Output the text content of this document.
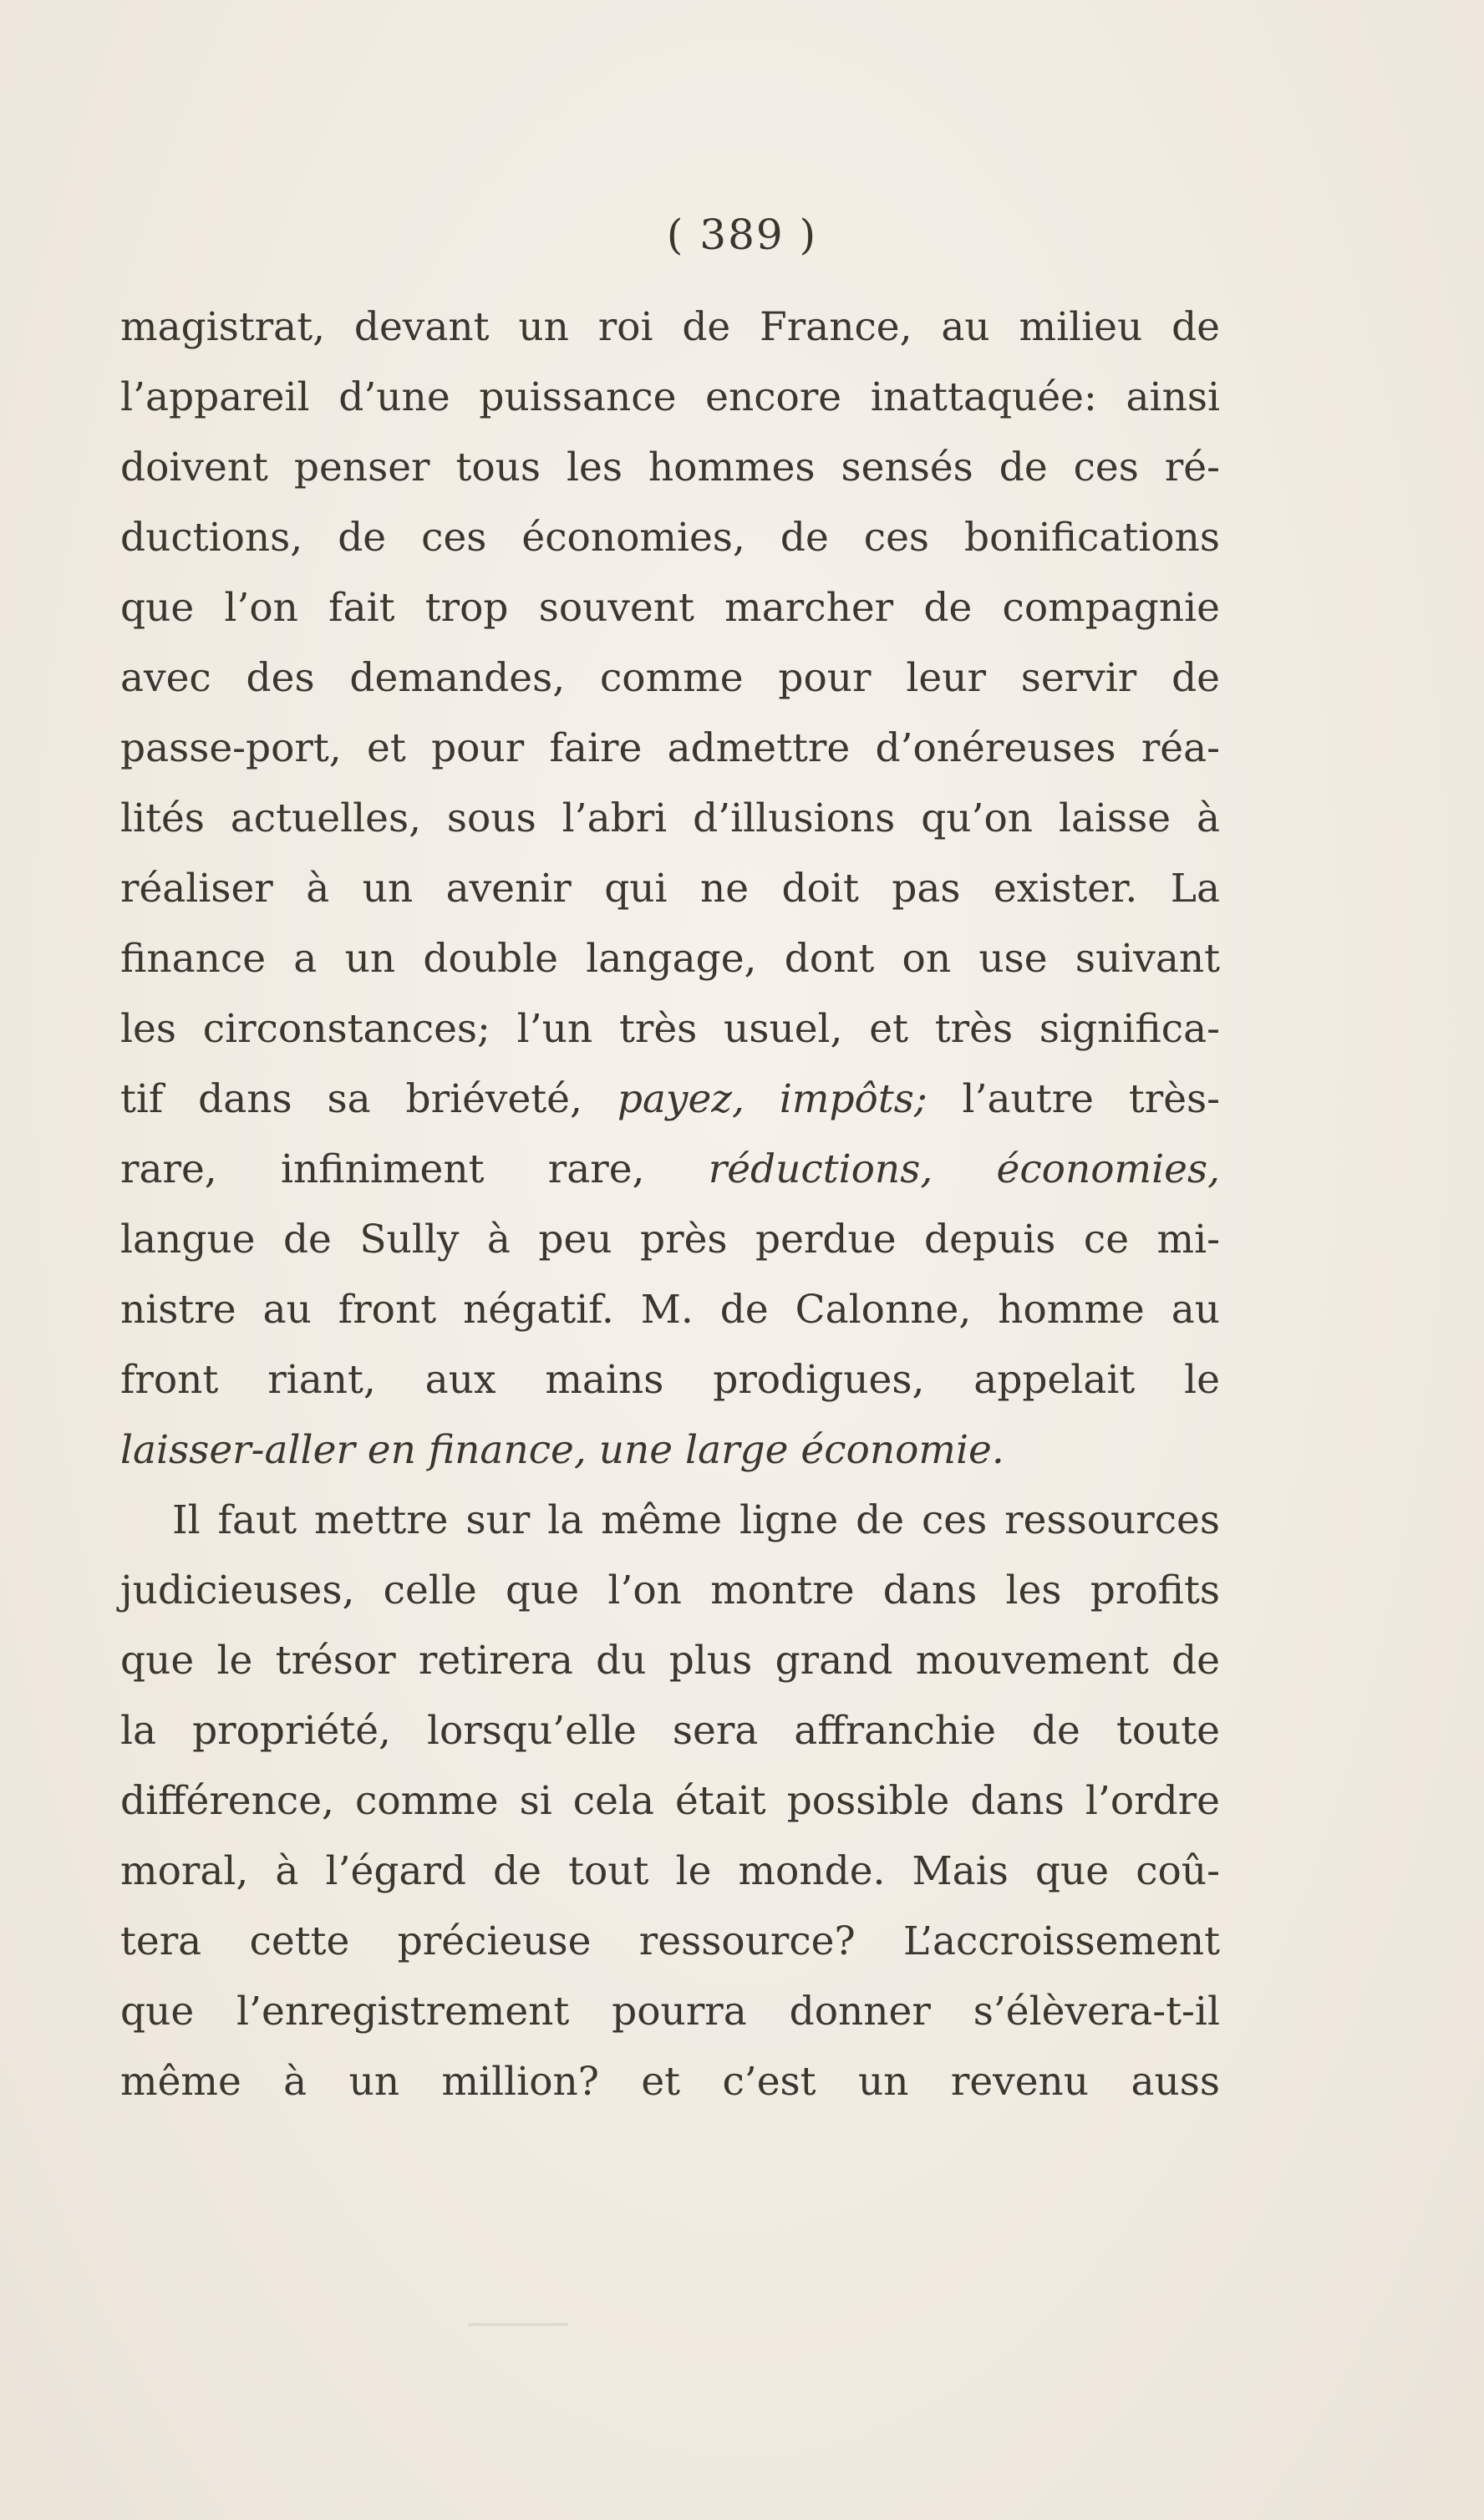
( 389 )
magistrat, devant un roi de France, au milieu de
l’appareil d’une puissance encore inattaquée: ainsi
doivent penser tous les hommes sensés de ces ré-
ductions, de ces économies, de ces bonifications
que l’on fait trop souvent marcher de compagnie
avec des demandes, comme pour leur servir de
passe-port, et pour faire admettre d’onéreuses réa-
lités actuelles, sous l’abri d’illusions qu’on laisse à
réaliser à un avenir qui ne doit pas exister. La
finance a un double langage, dont on use suivant
les circonstances; l’un très usuel, et très significa-
tif dans sa briéveté, payez, impôts; l’autre très-
rare, infiniment rare, réductions, économies,
langue de Sully à peu près perdue depuis ce mi-
nistre au front négatif. M. de Calonne, homme au
front riant, aux mains prodigues, appelait le
laisser-aller en finance, une large économie.
Il faut mettre sur la même ligne de ces ressources
judicieuses, celle que l’on montre dans les profits
que le trésor retirera du plus grand mouvement de
la propriété, lorsqu’elle sera affranchie de toute
différence, comme si cela était possible dans l’ordre
moral, à l’égard de tout le monde. Mais que coû-
tera cette précieuse ressource? L’accroissement
que l’enregistrement pourra donner s’élèvera-t-il
même à un million? et c’est un revenu auss
